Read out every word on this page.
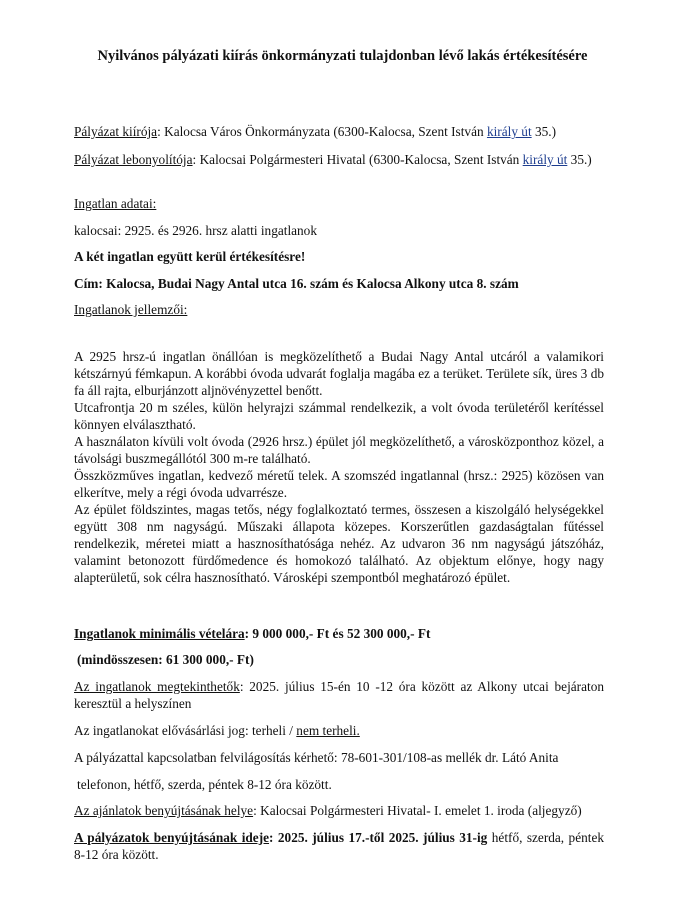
Nyilvános pályázati kiírás önkormányzati tulajdonban lévő lakás értékesítésére
Pályázat kiírója: Kalocsa Város Önkormányzata (6300-Kalocsa, Szent István király út 35.)
Pályázat lebonyolítója: Kalocsai Polgármesteri Hivatal (6300-Kalocsa, Szent István király út 35.)
Ingatlan adatai:
kalocsai: 2925. és 2926. hrsz alatti ingatlanok
A két ingatlan együtt kerül értékesítésre!
Cím: Kalocsa, Budai Nagy Antal utca 16. szám és Kalocsa Alkony utca 8. szám
Ingatlanok jellemzői:
A 2925 hrsz-ú ingatlan önállóan is megközelíthető a Budai Nagy Antal utcáról a valamikori kétszárnyú fémkapun. A korábbi óvoda udvarát foglalja magába ez a terüket. Területe sík, üres 3 db fa áll rajta, elburjánzott aljnövényzettel benőtt.
Utcafrontja 20 m széles, külön helyrajzi számmal rendelkezik, a volt óvoda területéről kerítéssel könnyen elválasztható.
A használaton kívüli volt óvoda (2926 hrsz.) épület jól megközelíthető, a városközponthoz közel, a távolsági buszmegállótól 300 m-re található.
Összközműves ingatlan, kedvező méretű telek. A szomszéd ingatlannal (hrsz.: 2925) közösen van elkerítve, mely a régi óvoda udvarrésze.
Az épület földszintes, magas tetős, négy foglalkoztató termes, összesen a kiszolgáló helységekkel együtt 308 nm nagyságú. Műszaki állapota közepes. Korszerűtlen gazdaságtalan fűtéssel rendelkezik, méretei miatt a hasznosíthatósága nehéz. Az udvaron 36 nm nagyságú játszóház, valamint betonozott fürdőmedence és homokozó található. Az objektum előnye, hogy nagy alapterületű, sok célra hasznosítható. Városképi szempontból meghatározó épület.
Ingatlanok minimális vételára: 9 000 000,- Ft és 52 300 000,- Ft
(mindösszesen: 61 300 000,- Ft)
Az ingatlanok megtekinthetők: 2025. július 15-én 10 -12 óra között az Alkony utcai bejáraton keresztül a helyszínen
Az ingatlanokat elővásárlási jog: terheli / nem terheli.
A pályázattal kapcsolatban felvilágosítás kérhető: 78-601-301/108-as mellék dr. Látó Anita
telefonon, hétfő, szerda, péntek 8-12 óra között.
Az ajánlatok benyújtásának helye: Kalocsai Polgármesteri Hivatal- I. emelet 1. iroda (aljegyző)
A pályázatok benyújtásának ideje: 2025. július 17.-től 2025. július 31-ig hétfő, szerda, péntek 8-12 óra között.
